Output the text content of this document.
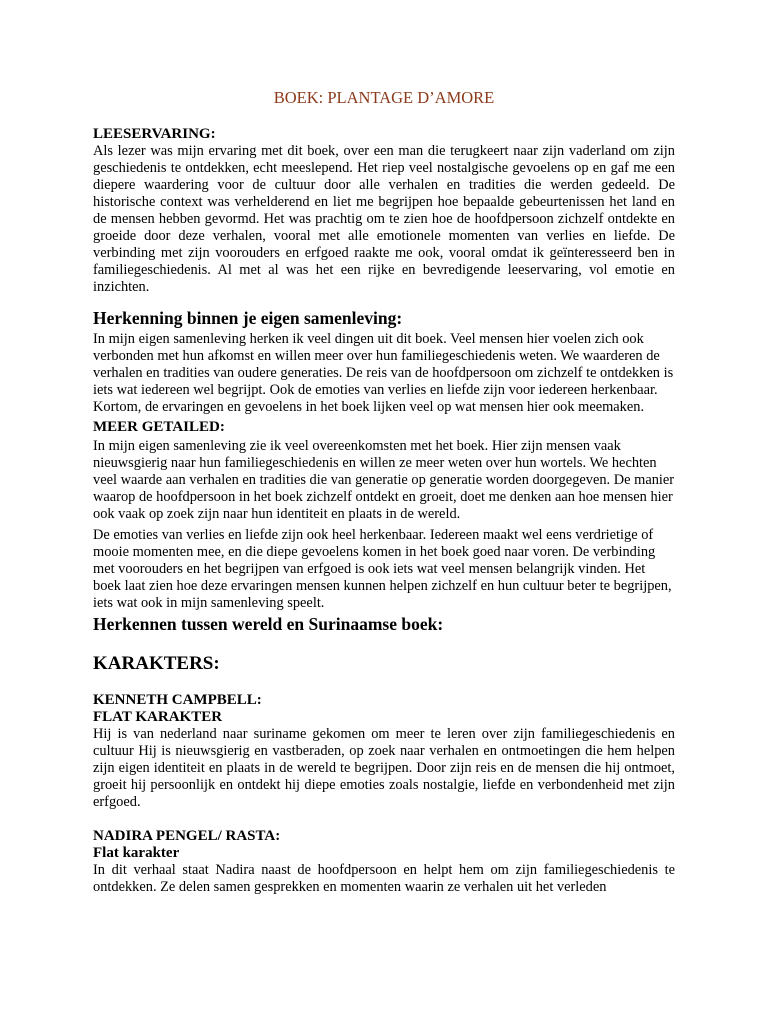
BOEK: PLANTAGE D’AMORE
LEESERVARING:

Als lezer was mijn ervaring met dit boek, over een man die terugkeert naar zijn vaderland om zijn geschiedenis te ontdekken, echt meeslepend. Het riep veel nostalgische gevoelens op en gaf me een diepere waardering voor de cultuur door alle verhalen en tradities die werden gedeeld. De historische context was verhelderend en liet me begrijpen hoe bepaalde gebeurtenissen het land en de mensen hebben gevormd. Het was prachtig om te zien hoe de hoofdpersoon zichzelf ontdekte en groeide door deze verhalen, vooral met alle emotionele momenten van verlies en liefde. De verbinding met zijn voorouders en erfgoed raakte me ook, vooral omdat ik geïnteresseerd ben in familiegeschiedenis. Al met al was het een rijke en bevredigende leeservaring, vol emotie en inzichten.

Herkenning binnen je eigen samenleving:

In mijn eigen samenleving herken ik veel dingen uit dit boek. Veel mensen hier voelen zich ook verbonden met hun afkomst en willen meer over hun familiegeschiedenis weten. We waarderen de verhalen en tradities van oudere generaties. De reis van de hoofdpersoon om zichzelf te ontdekken is iets wat iedereen wel begrijpt. Ook de emoties van verlies en liefde zijn voor iedereen herkenbaar. Kortom, de ervaringen en gevoelens in het boek lijken veel op wat mensen hier ook meemaken.

MEER GETAILED:

In mijn eigen samenleving zie ik veel overeenkomsten met het boek. Hier zijn mensen vaak nieuwsgierig naar hun familiegeschiedenis en willen ze meer weten over hun wortels. We hechten veel waarde aan verhalen en tradities die van generatie op generatie worden doorgegeven. De manier waarop de hoofdpersoon in het boek zichzelf ontdekt en groeit, doet me denken aan hoe mensen hier ook vaak op zoek zijn naar hun identiteit en plaats in de wereld.

De emoties van verlies en liefde zijn ook heel herkenbaar. Iedereen maakt wel eens verdrietige of mooie momenten mee, en die diepe gevoelens komen in het boek goed naar voren. De verbinding met voorouders en het begrijpen van erfgoed is ook iets wat veel mensen belangrijk vinden. Het boek laat zien hoe deze ervaringen mensen kunnen helpen zichzelf en hun cultuur beter te begrijpen, iets wat ook in mijn samenleving speelt.

Herkennen tussen wereld en Surinaamse boek:
KARAKTERS:
KENNETH CAMPBELL:
FLAT KARAKTER

Hij is van nederland naar suriname gekomen om meer te leren over zijn familiegeschiedenis en cultuur Hij is nieuwsgierig en vastberaden, op zoek naar verhalen en ontmoetingen die hem helpen zijn eigen identiteit en plaats in de wereld te begrijpen. Door zijn reis en de mensen die hij ontmoet, groeit hij persoonlijk en ontdekt hij diepe emoties zoals nostalgie, liefde en verbondenheid met zijn erfgoed.

NADIRA PENGEL/ RASTA:
Flat karakter

In dit verhaal staat Nadira naast de hoofdpersoon en helpt hem om zijn familiegeschiedenis te ontdekken. Ze delen samen gesprekken en momenten waarin ze verhalen uit het verleden
